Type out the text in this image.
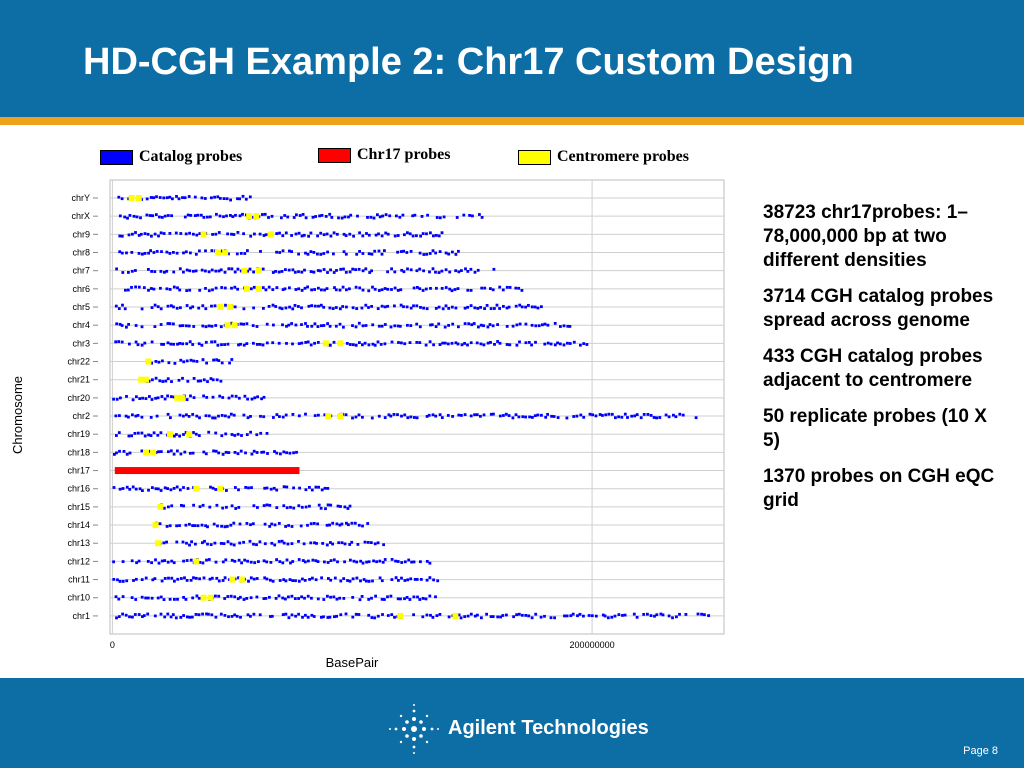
HD-CGH Example 2: Chr17 Custom Design
Catalog probes	Chr17 probes	Centromere probes
0	200000000
chrY
chrX
chr9
chr8
chr7
chr6
chr5
chr4
chr3
chr22
chr21
chr20
chr2
chr19
chr18
chr17
chr16
chr15
chr14
chr13
chr12
chr11
chr10
chr1
BasePair
Chromosome
38723 chr17probes: 1–78,000,000 bp at two different densities
3714 CGH catalog probes spread across genome
433 CGH catalog probes adjacent to centromere
50 replicate probes (10 X 5)
1370 probes on CGH eQC grid
Agilent Technologies
Page 8
